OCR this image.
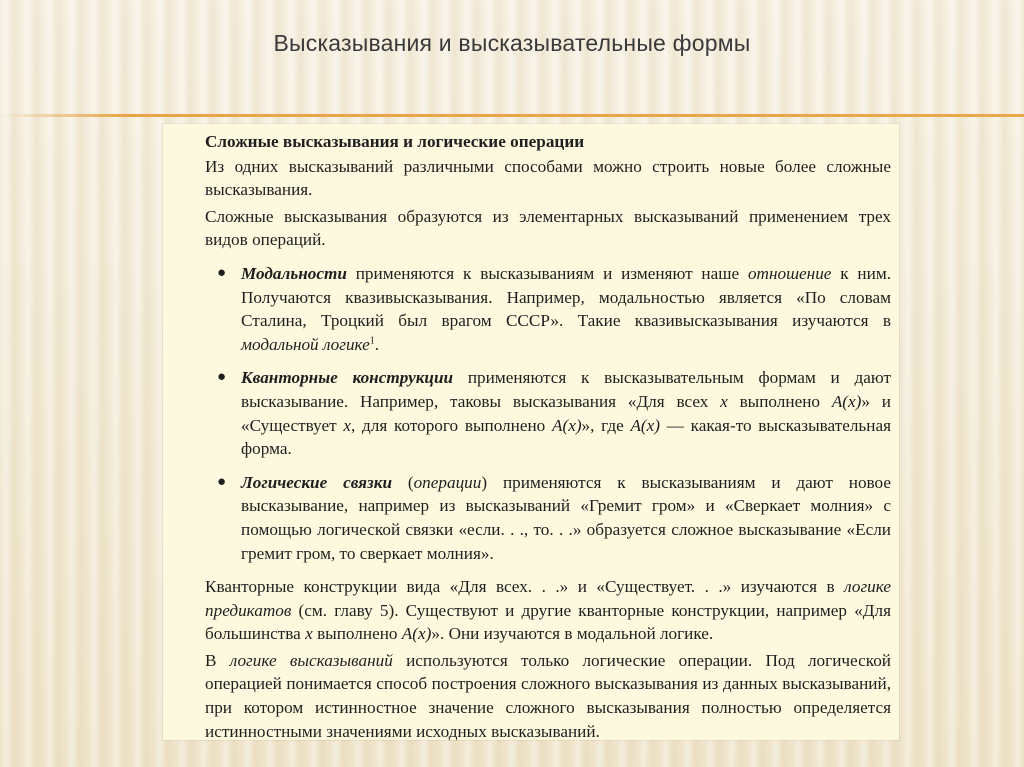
Высказывания и высказывательные формы
Сложные высказывания и логические операции

Из одних высказываний различными способами можно строить новые более сложные высказывания.

Сложные высказывания образуются из элементарных высказываний применением трех видов операций.

● Модальности применяются к высказываниям и изменяют наше отношение к ним. Получаются квазивысказывания. Например, модальностью является «По словам Сталина, Троцкий был врагом СССР». Такие квазивысказывания изучаются в модальной логике$^1$.
● Кванторные конструкции применяются к высказывательным формам и дают высказывание. Например, таковы высказывания «Для всех x выполнено A(x)» и «Существует x, для которого выполнено A(x)», где A(x) — какая-то высказывательная форма.
● Логические связки (операции) применяются к высказываниям и дают новое высказывание, например из высказываний «Гремит гром» и «Сверкает молния» с помощью логической связки «если. . ., то. . .» образуется сложное высказывание «Если гремит гром, то сверкает молния».

Кванторные конструкции вида «Для всех. . .» и «Существует. . .» изучаются в логике предикатов (см. главу 5). Существуют и другие кванторные конструкции, например «Для большинства x выполнено A(x)». Они изучаются в модальной логике.

В логике высказываний используются только логические операции. Под логической операцией понимается способ построения сложного высказывания из данных высказываний, при котором истинностное значение сложного высказывания полностью определяется истинностными значениями исходных высказываний.
